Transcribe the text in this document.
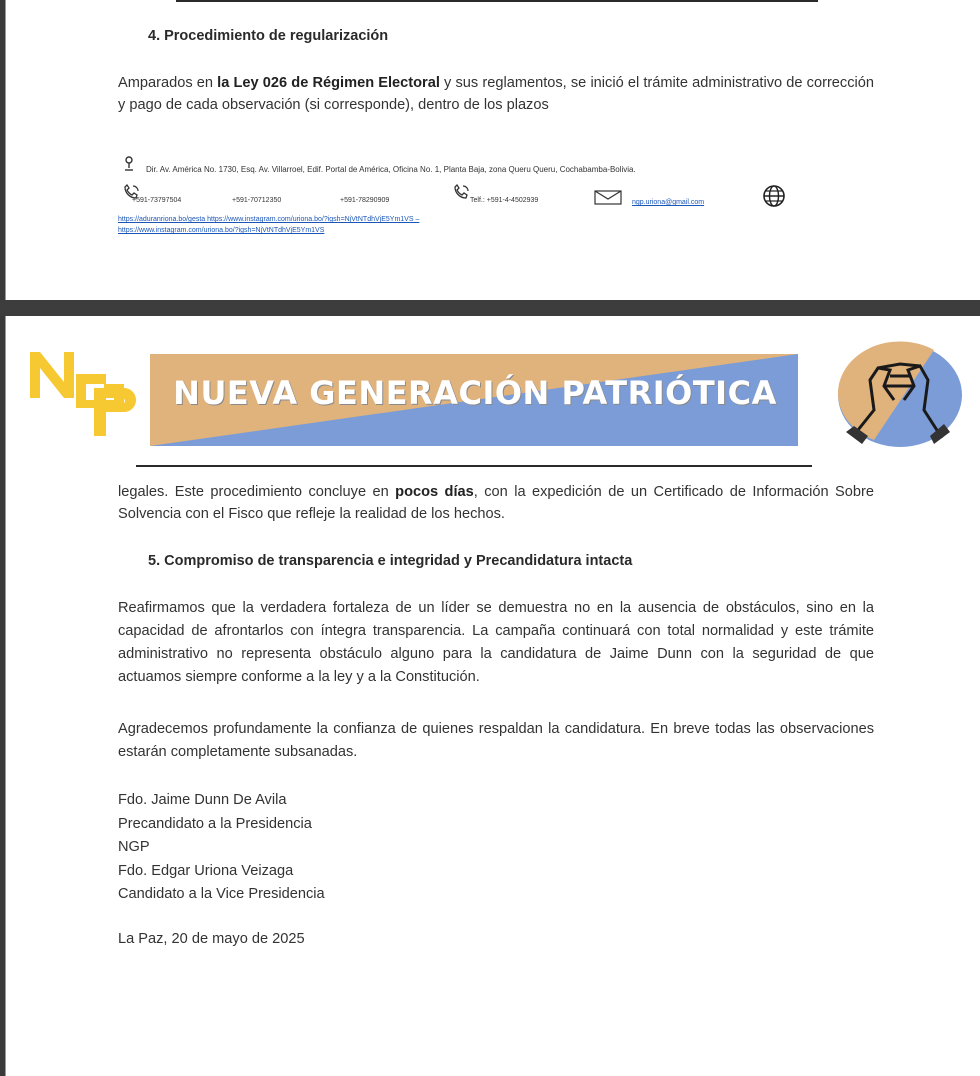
4. Procedimiento de regularización
Amparados en la Ley 026 de Régimen Electoral y sus reglamentos, se inició el trámite administrativo de corrección y pago de cada observación (si corresponde), dentro de los plazos
Dir. Av. América No. 1730, Esq. Av. Villarroel, Edif. Portal de América, Oficina No. 1, Planta Baja, zona Queru Queru, Cochabamba-Bolivia.
+591-73797504	+591-70712350	+591-78290909	Telf.: +591-4-4502939	ngp.uriona@gmail.com
https://aduranriona.bo/gesta https://www.instagram.com/uriona.bo/?igsh=NjVtNTdhVjE5Ym1VS –
https://www.instagram.com/uriona.bo/?igsh=NjVtNTdhVjE5Ym1VS
NGP
NUEVA GENERACIÓN PATRIÓTICA
legales. Este procedimiento concluye en pocos días, con la expedición de un Certificado de Información Sobre Solvencia con el Fisco que refleje la realidad de los hechos.
5. Compromiso de transparencia e integridad y Precandidatura intacta
Reafirmamos que la verdadera fortaleza de un líder se demuestra no en la ausencia de obstáculos, sino en la capacidad de afrontarlos con íntegra transparencia. La campaña continuará con total normalidad y este trámite administrativo no representa obstáculo alguno para la candidatura de Jaime Dunn con la seguridad de que actuamos siempre conforme a la ley y a la Constitución.
Agradecemos profundamente la confianza de quienes respaldan la candidatura. En breve todas las observaciones estarán completamente subsanadas.
Fdo. Jaime Dunn De Avila
Precandidato a la Presidencia
NGP
Fdo. Edgar Uriona Veizaga
Candidato a la Vice Presidencia
La Paz, 20 de mayo de 2025
